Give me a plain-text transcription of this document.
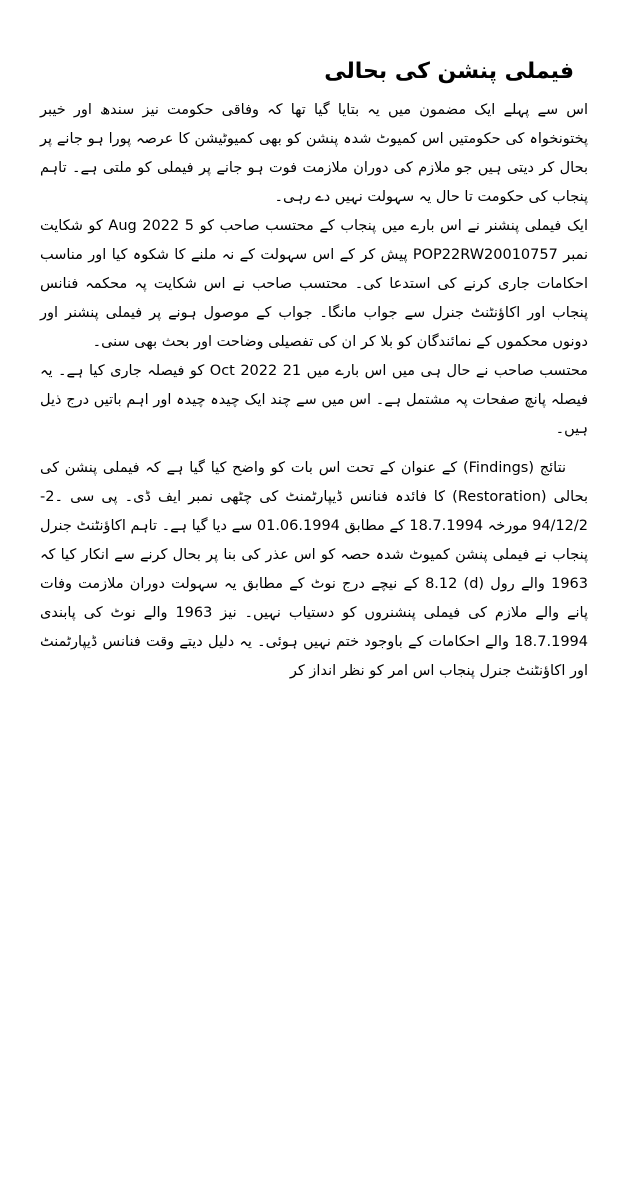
فیملی پنشن کی بحالی

اس سے پہلے ایک مضمون میں یہ بتایا گیا تھا کہ وفاقی حکومت نیز سندھ اور خیبر پختونخواہ کی حکومتیں اس کمیوٹ شدہ پنشن کو بھی کمیوٹیشن کا عرصہ پورا ہو جانے پر بحال کر دیتی ہیں جو ملازم کی دوران ملازمت فوت ہو جانے پر فیملی کو ملتی ہے۔ تاہم پنجاب کی حکومت تا حال یہ سہولت نہیں دے رہی۔

ایک فیملی پنشنر نے اس بارے میں پنجاب کے محتسب صاحب کو 5 Aug 2022 کو شکایت نمبر POP22RW20010757 پیش کر کے اس سہولت کے نہ ملنے کا شکوہ کیا اور مناسب احکامات جاری کرنے کی استدعا کی۔ محتسب صاحب نے اس شکایت پہ محکمہ فنانس پنجاب اور اکاؤنٹنٹ جنرل سے جواب مانگا۔ جواب کے موصول ہونے پر فیملی پنشنر اور دونوں محکموں کے نمائندگان کو بلا کر ان کی تفصیلی وضاحت اور بحث بھی سنی۔

محتسب صاحب نے حال ہی میں اس بارے میں 21 Oct 2022 کو فیصلہ جاری کیا ہے۔ یہ فیصلہ پانچ صفحات پہ مشتمل ہے۔ اس میں سے چند ایک چیدہ چیدہ اور اہم باتیں درج ذیل ہیں۔

نتائج (Findings) کے عنوان کے تحت اس بات کو واضح کیا گیا ہے کہ فیملی پنشن کی بحالی (Restoration) کا فائدہ فنانس ڈیپارٹمنٹ کی چٹھی نمبر ایف ڈی۔ پی سی ۔2-94/12/2 مورخہ 18.7.1994 کے مطابق 01.06.1994 سے دیا گیا ہے۔ تاہم اکاؤنٹنٹ جنرل پنجاب نے فیملی پنشن کمیوٹ شدہ حصہ کو اس عذر کی بنا پر بحال کرنے سے انکار کیا کہ 1963 والے رول (d) 8.12 کے نیچے درج نوٹ کے مطابق یہ سہولت دوران ملازمت وفات پانے والے ملازم کی فیملی پنشنروں کو دستیاب نہیں۔ نیز 1963 والے نوٹ کی پابندی 18.7.1994 والے احکامات کے باوجود ختم نہیں ہوئی۔ یہ دلیل دیتے وقت فنانس ڈیپارٹمنٹ اور اکاؤنٹنٹ جنرل پنجاب اس امر کو نظر انداز کر
